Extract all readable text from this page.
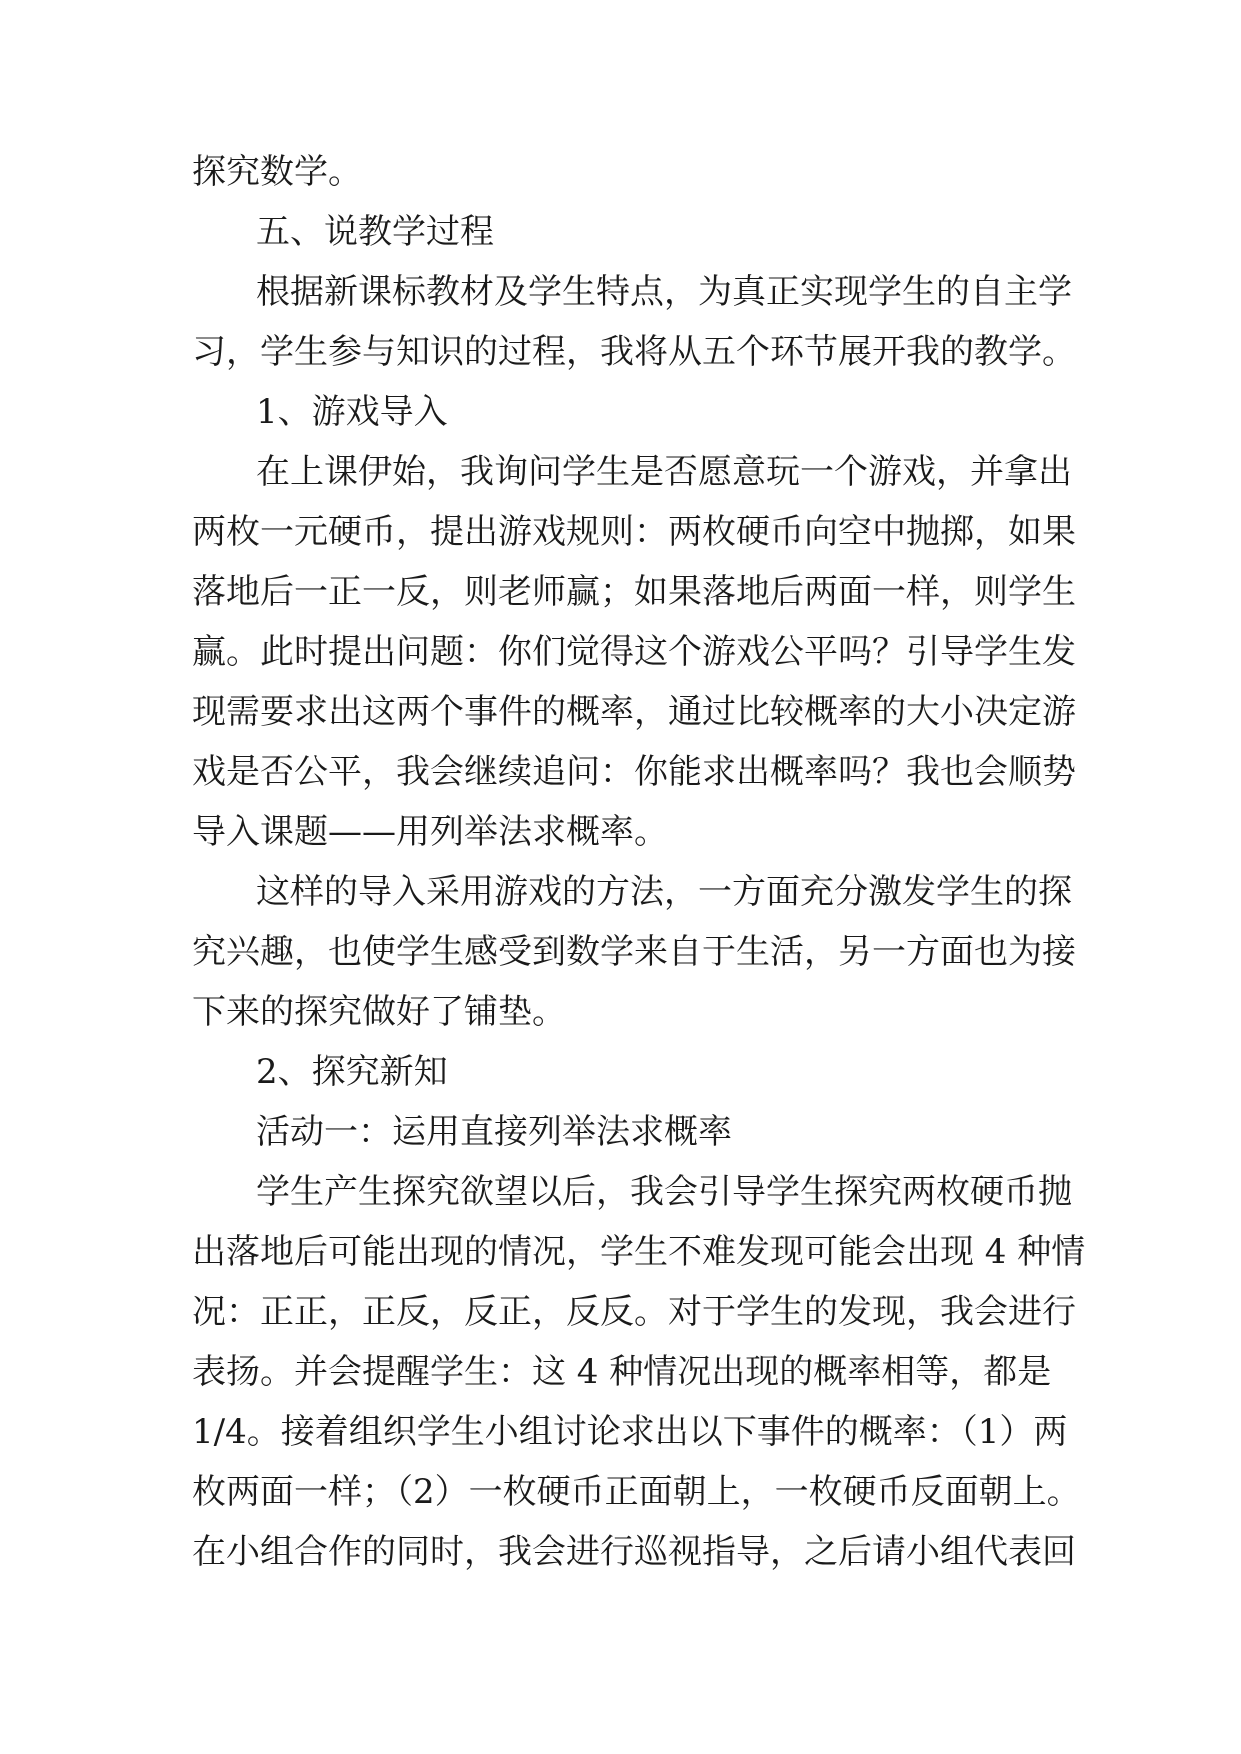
探究数学。
五、说教学过程
根据新课标教材及学生特点，为真正实现学生的自主学
习，学生参与知识的过程，我将从五个环节展开我的教学。
1、游戏导入
在上课伊始，我询问学生是否愿意玩一个游戏，并拿出
两枚一元硬币，提出游戏规则：两枚硬币向空中抛掷，如果
落地后一正一反，则老师赢；如果落地后两面一样，则学生
赢。此时提出问题：你们觉得这个游戏公平吗？引导学生发
现需要求出这两个事件的概率，通过比较概率的大小决定游
戏是否公平，我会继续追问：你能求出概率吗？我也会顺势
导入课题——用列举法求概率。
这样的导入采用游戏的方法，一方面充分激发学生的探
究兴趣，也使学生感受到数学来自于生活，另一方面也为接
下来的探究做好了铺垫。
2、探究新知
活动一：运用直接列举法求概率
学生产生探究欲望以后，我会引导学生探究两枚硬币抛
出落地后可能出现的情况，学生不难发现可能会出现 4 种情
况：正正，正反，反正，反反。对于学生的发现，我会进行
表扬。并会提醒学生：这 4 种情况出现的概率相等，都是
1/4。接着组织学生小组讨论求出以下事件的概率：（1）两
枚两面一样；（2）一枚硬币正面朝上，一枚硬币反面朝上。
在小组合作的同时，我会进行巡视指导，之后请小组代表回
